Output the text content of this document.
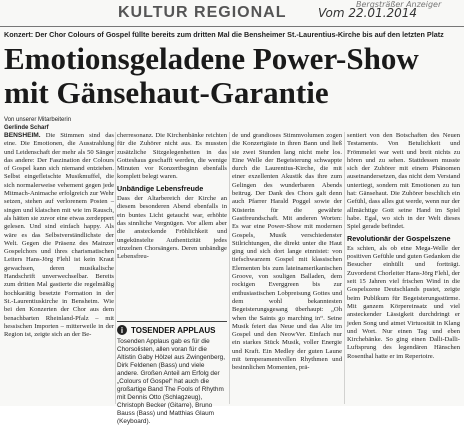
KULTUR REGIONAL	Bergsträßer Anzeiger
Vom 22.01.2014
Konzert: Der Chor Colours of Gospel füllte bereits zum dritten Mal die Bensheimer St.-Laurentius-Kirche bis auf den letzten Platz
Emotionsgeladene Power-Show mit Gänsehaut-Garantie
Von unserer Mitarbeiterin
Gerlinde Scharf

BENSHEIM. Die Stimmen sind das eine. Die Emotionen, die Ausstrahlung und Leidenschaft der mehr als 50 Sänger das andere: Der Faszination der Colours of Gospel kann sich niemand entziehen. Selbst eingefleischte Musikmuffel, die sich normalerweise vehement gegen jede Mitmach-Animache erfolgreich zur Wehr setzen, stehen auf verlorenem Posten – singen und klatschen mit wie im Rausch, als hätten sie zuvor eine etwas zerdeppert gelesen. Und sind einfach happy. Als wäre es das Selbstverständlichste der Welt. Gegen die Präsenz des Mainzer Gospelchors und ihres charismatischen Leiters Hans-Jörg Flehl ist kein Kraut gewachsen, deren musikalische Handschrift unverwechselbar. Bereits zum dritten Mal gastierte die regelmäßig hochkarätig besetzte Formation in der St.-Laurentiuskirche in Bensheim. Wie bei den Konzerten der Chor aus dem benachbarten Rheinland-Pfalz – mit hessischen Importen – mitterweile in der Region ist, zeigte sich an der Be-

cherresonanz. Die Kirchenbänke reichten für die Zuhörer nicht aus. Es mussten zusätzliche Sitzgelegenheiten in das Gotteshaus geschafft werden, die wenige Minuten vor Konzertbeginn ebenfalls komplett belegt waren.

Unbändige Lebensfreude

Dass der Altarbereich der Kirche an diesem besonderen Abend ebenfalls in ein buntes Licht getaucht war, erhöhte das sinnliche Vergnügen. Vor allem aber die ansteckende Fröhlichkeit und ungekünstelte Authentizität jedes einzelnen Chorsängers. Deren unbändige Lebensfreu-

i TOSENDER APPLAUS
Tosenden Applaus gab es für die Chorsolisten, allen voran für die Altistin Gaby Hölzel aus Zwingenberg, Dirk Feldenen (Bass) und viele andere. Großen Anteil am Erfolg der „Colours of Gospel“ hat auch die großartige Band The Fools of Rhythm mit Dennis Otto (Schlagzeug), Christoph Becker (Gitarre), Bruno Bauss (Bass) und Matthias Glaum (Keyboard).

de und grandioses Stimmvolumen zogen die Konzertgäste in ihren Bann und ließ sie zwei Stunden lang nicht mehr los. Eine Welle der Begeisterung schwappte durch die Laurentius-Kirche, die mit einer exzellenten Akustik das ihre zum Gelingen des wunderbaren Abends beitrug. Der Dank des Chors galt denn auch Pfarrer Harald Poggel sowie der Küsterin für die gewährte Gastfreundschaft. Mit anderen Worten: Es war eine Power-Show mit modernen Gospels, Musik verschiedenster Stilrichtungen, die direkt unter die Haut ging und sich dort lange einnistet: von tiefschwarzem Gospel mit klassischen Elementen bis zum lateinamerikanischen Groove, von souligen Balladen, dem rockigen Everggreen bis zur enthusiastischen Lobpreisung Gottes und dem wohl bekanntesten Begeisterungsgesang überhaupt: „Oh when the Saints go marching in“. Seine Musik feiert das Neue und das Alte im Gospel und den NeowVer. Einfach nur ein starkes Stück Musik, voller Energie und Kraft. Ein Medley der guten Laune mit temperamentvollen Rhythmen und besinnlichen Momenten, prä-

sentiert von den Botschaften des Neuen Testaments. Von Betulichkeit und Frömmelei war weit und breit nichts zu hören und zu sehen. Stattdessen musste sich der Zuhörer mit einem Phänomen auseinandersetzen, das nicht dem Verstand untertiegt, sondern mit Emotionen zu tun hat: Gänsehaut. Die Zuhörer beschlich ein Gefühl, dass alles gut werde, wenn nur der allmächtige Gott seine Hand im Spiel habe. Egal, wo sich in der Welt dieses Spiel gerade befindet.

Revolutionär der Gospelszene

Es schien, als ob eine Mega-Welle der positiven Gefühle und guten Gedanken die Besucher einhüllt und fortträgt. Zuvorderst Chorleiter Hans-Jörg Flehl, der seit 15 Jahren viel frischen Wind in die Gospelszene Deutschlands pustet, zeigte beim Publikum für Begeisterungsstürme. Mit ganzem Körpereinsatz und viel ansteckender Lässigkeit durchdringt er jeden Song und atmet Virtuosität in Klang und Wort. Nur einen Tag und eben Kirchebänke. So ging einen Dalli-Dalli-Luftsprung des legendären Hänschen Rosenthal hatte er im Repertoire.
